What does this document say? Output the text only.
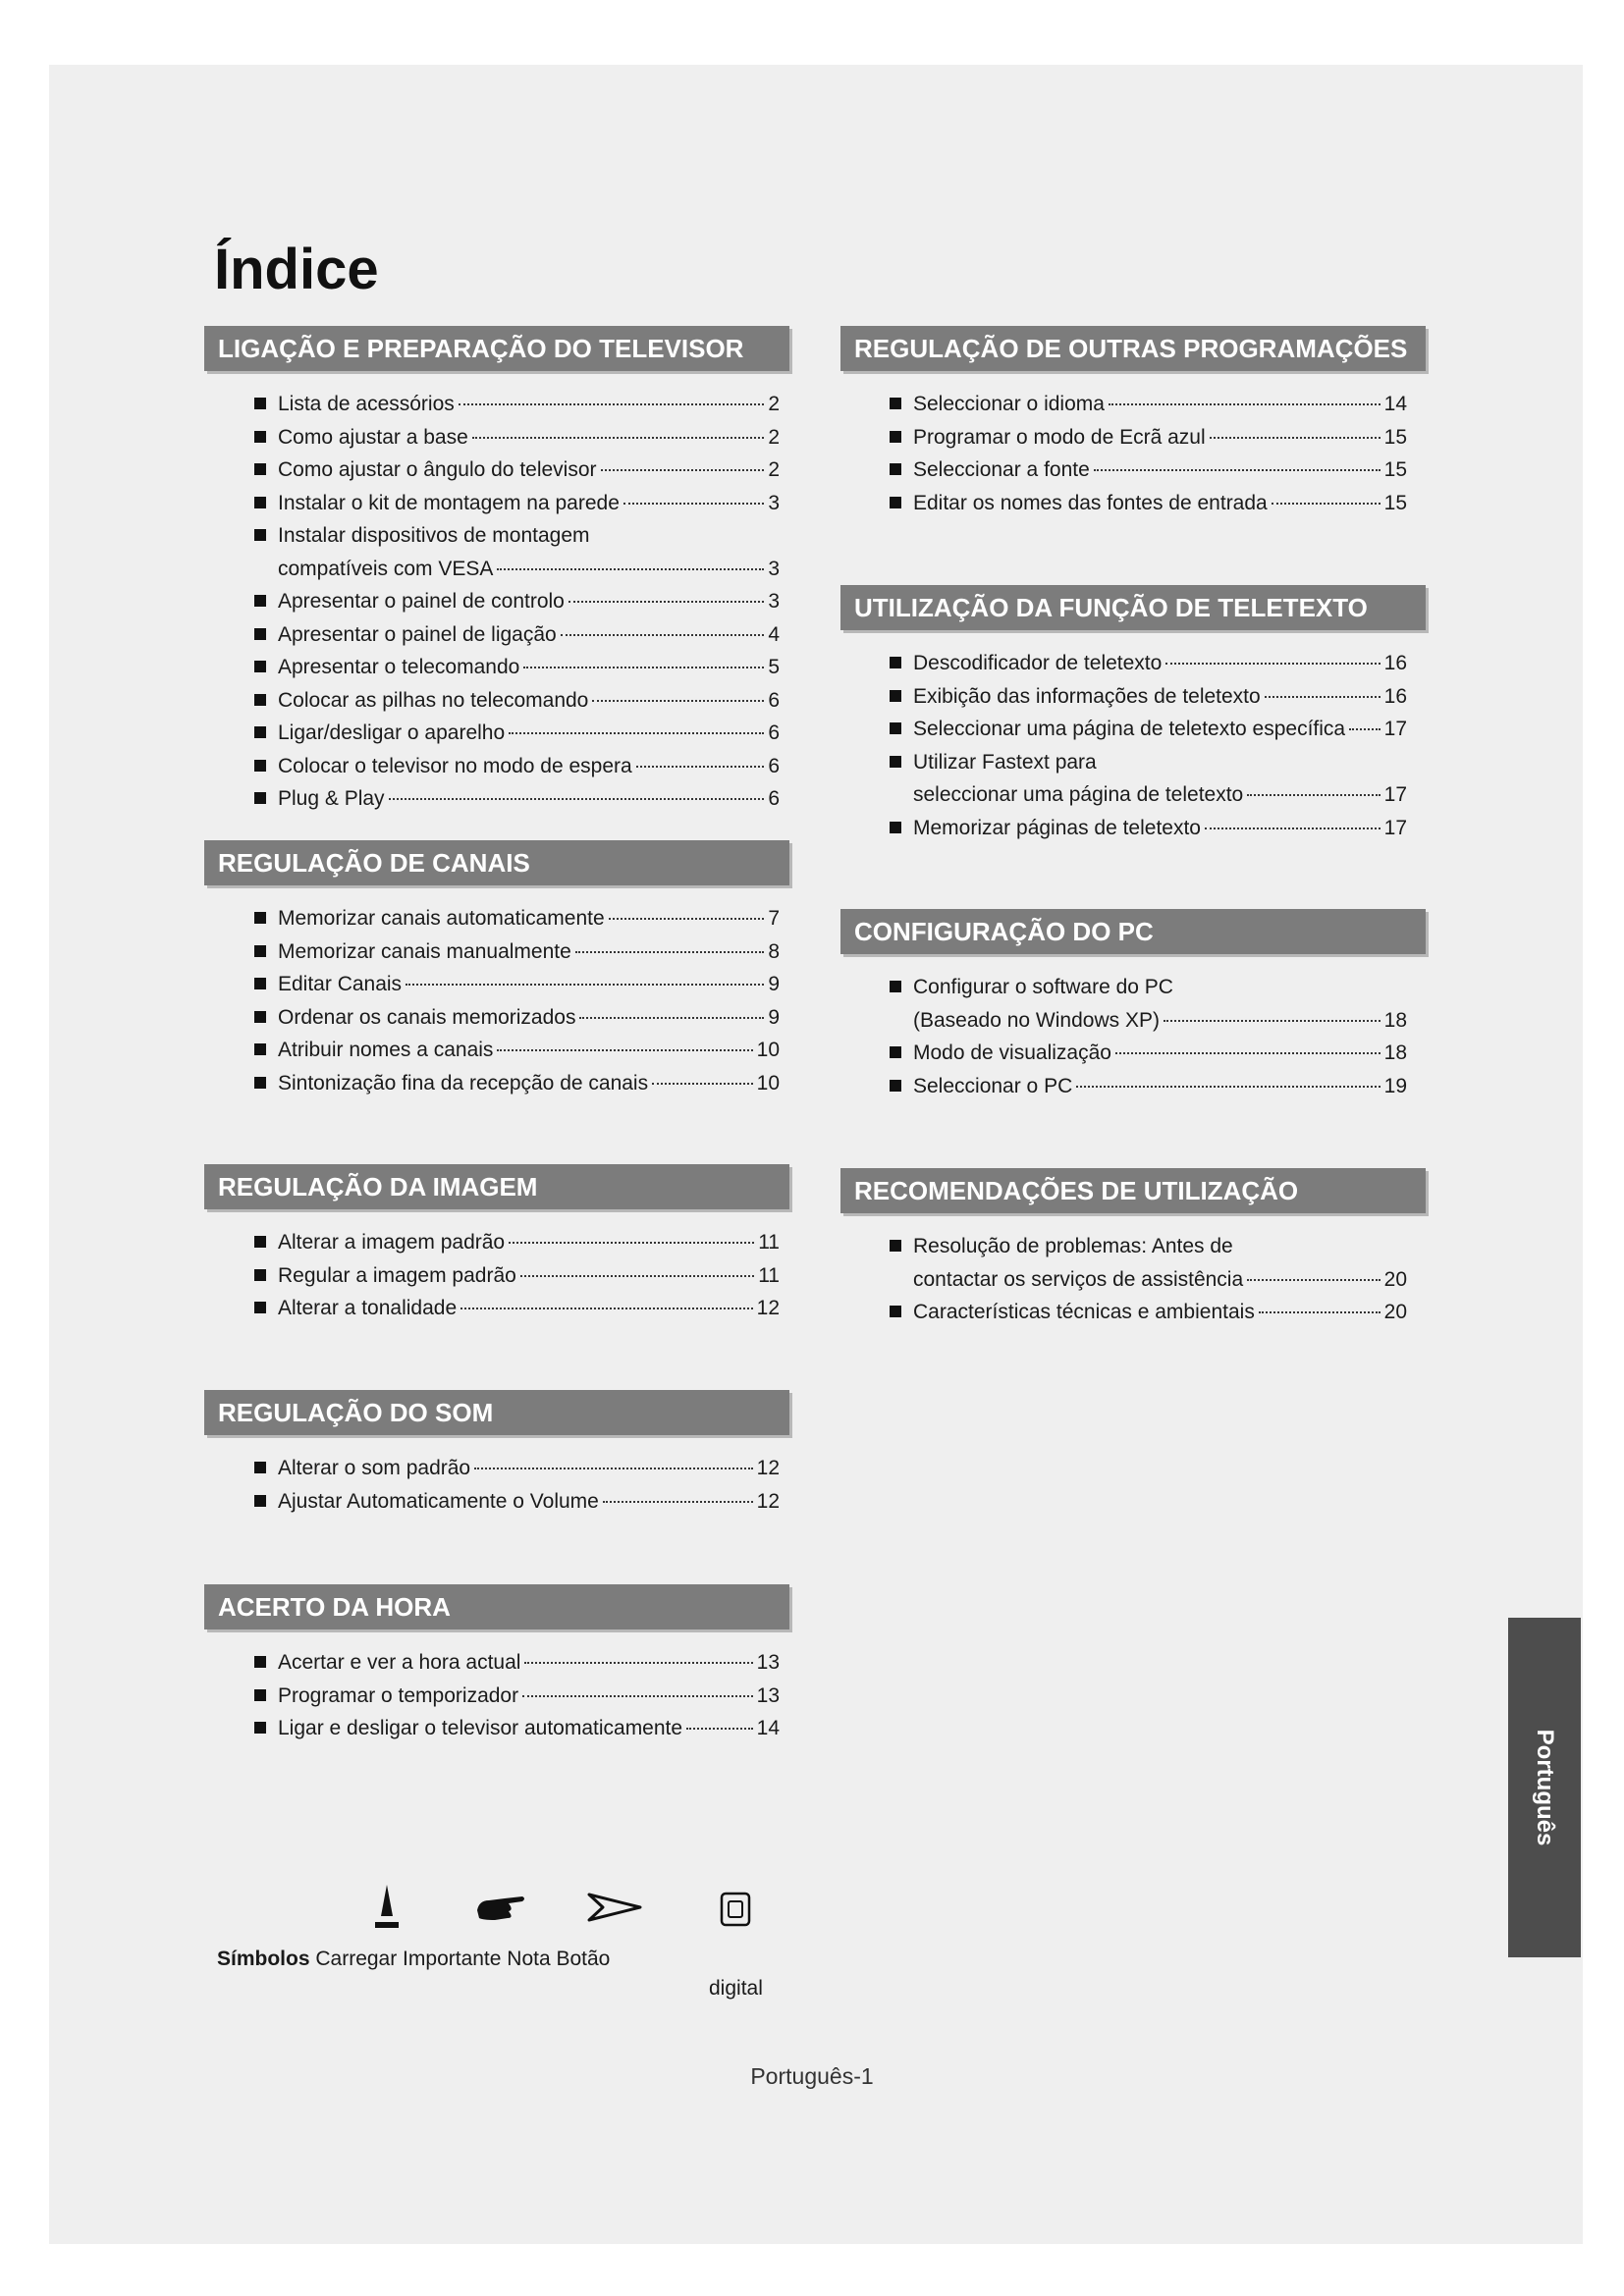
Índice
LIGAÇÃO E PREPARAÇÃO DO TELEVISOR
Lista de acessórios	2
Como ajustar a base	2
Como ajustar o ângulo do televisor	2
Instalar o kit de montagem na parede	3
Instalar dispositivos de montagem
compatíveis com VESA	3
Apresentar o painel de controlo	3
Apresentar o painel de ligação	4
Apresentar o telecomando	5
Colocar as pilhas no telecomando	6
Ligar/desligar o aparelho	6
Colocar o televisor no modo de espera	6
Plug & Play	6
REGULAÇÃO DE CANAIS
Memorizar canais automaticamente	7
Memorizar canais manualmente	8
Editar Canais	9
Ordenar os canais memorizados	9
Atribuir nomes a canais	10
Sintonização fina da recepção de canais	10
REGULAÇÃO DA IMAGEM
Alterar a imagem padrão	11
Regular a imagem padrão	11
Alterar a tonalidade	12
REGULAÇÃO DO SOM
Alterar o som padrão	12
Ajustar Automaticamente o Volume	12
ACERTO DA HORA
Acertar e ver a hora actual	13
Programar o temporizador	13
Ligar e desligar o televisor automaticamente	14
REGULAÇÃO DE OUTRAS PROGRAMAÇÕES
Seleccionar o idioma	14
Programar o modo de Ecrã azul	15
Seleccionar a fonte	15
Editar os nomes das fontes de entrada	15
UTILIZAÇÃO DA FUNÇÃO DE TELETEXTO
Descodificador de teletexto	16
Exibição das informações de teletexto	16
Seleccionar uma página de teletexto específica 17
Utilizar Fastext para
seleccionar uma página de teletexto	17
Memorizar páginas de teletexto	17
CONFIGURAÇÃO DO PC
Configurar o software do PC
(Baseado no Windows XP)	18
Modo de visualização	18
Seleccionar o PC	19
RECOMENDAÇÕES DE UTILIZAÇÃO
Resolução de problemas: Antes de
contactar os serviços de assistência	20
Características técnicas e ambientais	20
Símbolos Carregar Importante Nota Botão
digital
Português
Português-1
